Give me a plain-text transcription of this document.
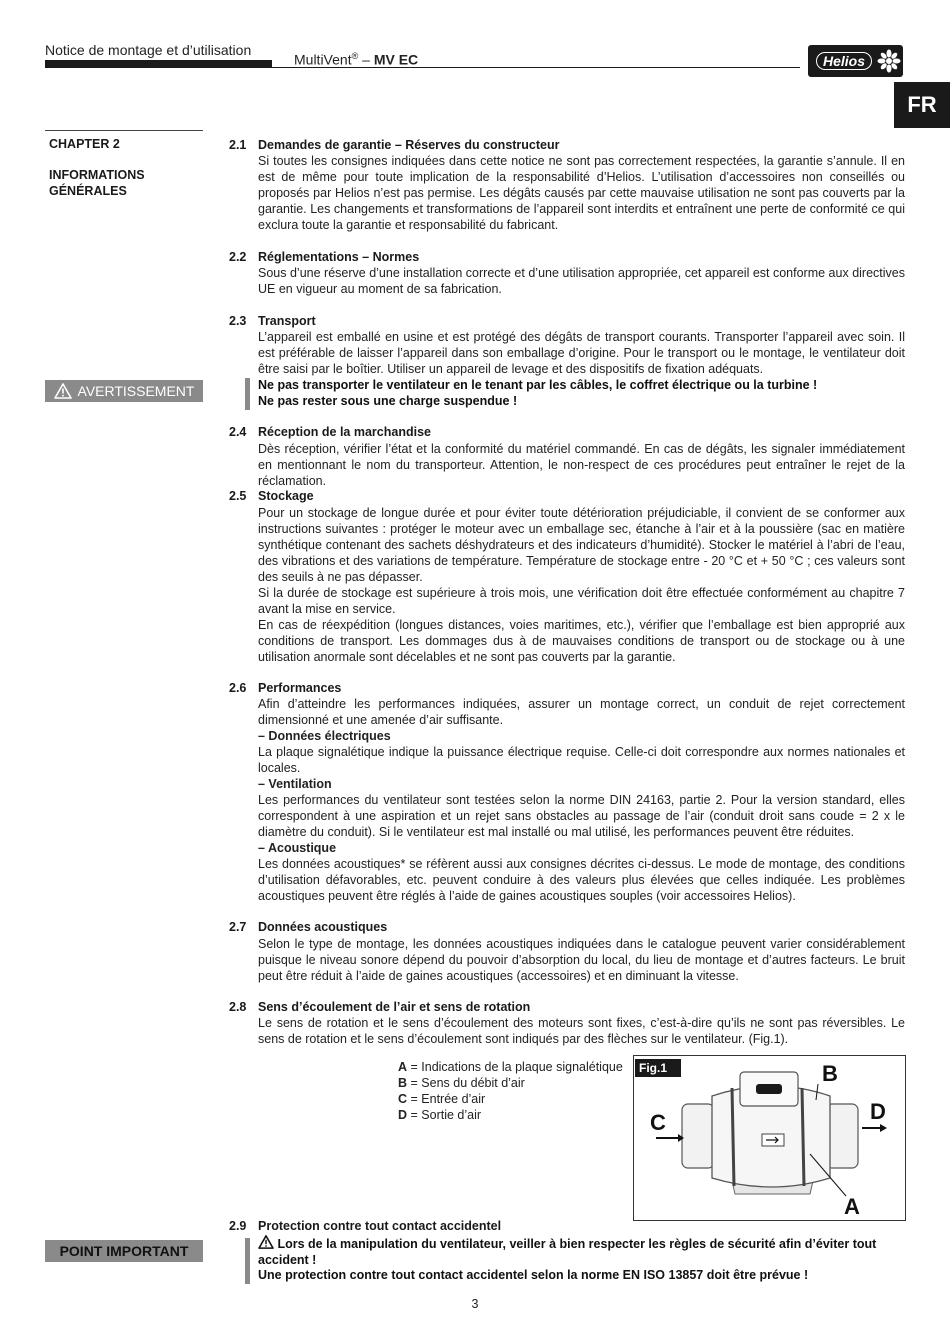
Notice de montage et d’utilisation
MultiVent® – MV EC	Helios
FR
CHAPTER 2
INFORMATIONS
GÉNÉRALES
AVERTISSEMENT
POINT IMPORTANT
2.1 Demandes de garantie – Réserves du constructeur
Si toutes les consignes indiquées dans cette notice ne sont pas correctement respectées, la garantie s’annule. Il en est de même pour toute implication de la responsabilité d’Helios. L’utilisation d’accessoires non conseillés ou proposés par Helios n’est pas permise. Les dégâts causés par cette mauvaise utilisation ne sont pas couverts par la garantie. Les changements et transformations de l’appareil sont interdits et entraînent une perte de conformité ce qui exclura toute la garantie et responsabilité du fabricant.
2.2 Réglementations – Normes
Sous d’une réserve d’une installation correcte et d’une utilisation appropriée, cet appareil est conforme aux directives UE en vigueur au moment de sa fabrication.
2.3 Transport
L’appareil est emballé en usine et est protégé des dégâts de transport courants. Transporter l’appareil avec soin. Il est préférable de laisser l’appareil dans son emballage d’origine. Pour le transport ou le montage, le ventilateur doit être saisi par le boîtier. Utiliser un appareil de levage et des dispositifs de fixation adéquats.
Ne pas transporter le ventilateur en le tenant par les câbles, le coffret électrique ou la turbine !
Ne pas rester sous une charge suspendue !
2.4 Réception de la marchandise
Dès réception, vérifier l’état et la conformité du matériel commandé. En cas de dégâts, les signaler immédiatement en mentionnant le nom du transporteur. Attention, le non-respect de ces procédures peut entraîner le rejet de la réclamation.
2.5 Stockage
Pour un stockage de longue durée et pour éviter toute détérioration préjudiciable, il convient de se conformer aux instructions suivantes : protéger le moteur avec un emballage sec, étanche à l’air et à la poussière (sac en matière synthétique contenant des sachets déshydrateurs et des indicateurs d’humidité). Stocker le matériel à l’abri de l’eau, des vibrations et des variations de température. Température de stockage entre - 20 °C et + 50 °C ; ces valeurs sont des seuils à ne pas dépasser.
Si la durée de stockage est supérieure à trois mois, une vérification doit être effectuée conformément au chapitre 7 avant la mise en service.
En cas de réexpédition (longues distances, voies maritimes, etc.), vérifier que l’emballage est bien approprié aux conditions de transport. Les dommages dus à de mauvaises conditions de transport ou de stockage ou à une utilisation anormale sont décelables et ne sont pas couverts par la garantie.
2.6 Performances
Afin d’atteindre les performances indiquées, assurer un montage correct, un conduit de rejet correctement dimensionné et une amenée d’air suffisante.
– Données électriques
La plaque signalétique indique la puissance électrique requise. Celle-ci doit correspondre aux normes nationales et locales.
– Ventilation
Les performances du ventilateur sont testées selon la norme DIN 24163, partie 2. Pour la version standard, elles correspondent à une aspiration et un rejet sans obstacles au passage de l’air (conduit droit sans coude = 2 x le diamètre du conduit). Si le ventilateur est mal installé ou mal utilisé, les performances peuvent être réduites.
– Acoustique
Les données acoustiques* se réfèrent aussi aux consignes décrites ci-dessus. Le mode de montage, des conditions d’utilisation défavorables, etc. peuvent conduire à des valeurs plus élevées que celles indiquée. Les problèmes acoustiques peuvent être réglés à l’aide de gaines acoustiques souples (voir accessoires Helios).
2.7 Données acoustiques
Selon le type de montage, les données acoustiques indiquées dans le catalogue peuvent varier considérablement puisque le niveau sonore dépend du pouvoir d’absorption du local, du lieu de montage et d’autres facteurs. Le bruit peut être réduit à l’aide de gaines acoustiques (accessoires) et en diminuant la vitesse.
2.8 Sens d’écoulement de l’air et sens de rotation
Le sens de rotation et le sens d’écoulement des moteurs sont fixes, c’est-à-dire qu’ils ne sont pas réversibles. Le sens de rotation et le sens d’écoulement sont indiqués par des flèches sur le ventilateur. (Fig.1).
A = Indications de la plaque signalétique
B = Sens du débit d’air
C = Entrée d’air
D = Sortie d’air
Fig.1	B
D
C
A
2.9 Protection contre tout contact accidentel
Lors de la manipulation du ventilateur, veiller à bien respecter les règles de sécurité afin d’éviter tout accident !
Une protection contre tout contact accidentel selon la norme EN ISO 13857 doit être prévue !
3
